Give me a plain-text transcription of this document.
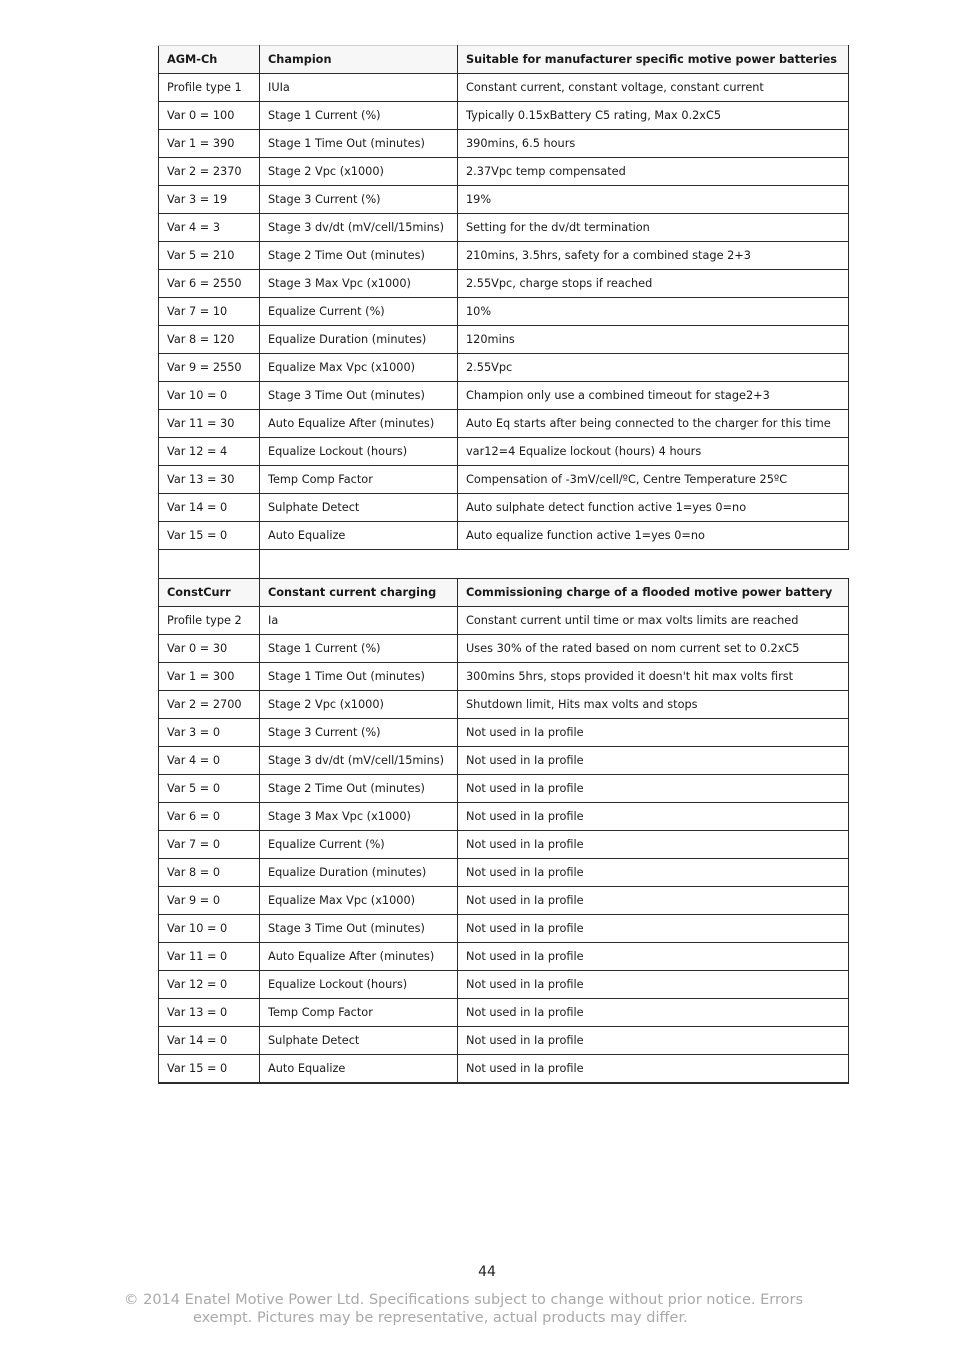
AGM-Ch	Champion	Suitable for manufacturer specific motive power batteries
Profile type 1	IUIa	Constant current, constant voltage, constant current
Var 0 = 100	Stage 1 Current (%)	Typically 0.15xBattery C5 rating, Max 0.2xC5
Var 1 = 390	Stage 1 Time Out (minutes)	390mins, 6.5 hours
Var 2 = 2370	Stage 2 Vpc (x1000)	2.37Vpc temp compensated
Var 3 = 19	Stage 3 Current (%)	19%
Var 4 = 3	Stage 3 dv/dt (mV/cell/15mins)	Setting for the dv/dt termination
Var 5 = 210	Stage 2 Time Out (minutes)	210mins, 3.5hrs, safety for a combined stage 2+3
Var 6 = 2550	Stage 3 Max Vpc (x1000)	2.55Vpc, charge stops if reached
Var 7 = 10	Equalize Current (%)	10%
Var 8 = 120	Equalize Duration (minutes)	120mins
Var 9 = 2550	Equalize Max Vpc (x1000)	2.55Vpc
Var 10 = 0	Stage 3 Time Out (minutes)	Champion only use a combined timeout for stage2+3
Var 11 = 30	Auto Equalize After (minutes)	Auto Eq starts after being connected to the charger for this time
Var 12 = 4	Equalize Lockout (hours)	var12=4 Equalize lockout (hours) 4 hours
Var 13 = 30	Temp Comp Factor	Compensation of -3mV/cell/ºC, Centre Temperature 25ºC
Var 14 = 0	Sulphate Detect	Auto sulphate detect function active 1=yes 0=no
Var 15 = 0	Auto Equalize	Auto equalize function active 1=yes 0=no
ConstCurr	Constant current charging	Commissioning charge of a flooded motive power battery
Profile type 2	Ia	Constant current until time or max volts limits are reached
Var 0 = 30	Stage 1 Current (%)	Uses 30% of the rated based on nom current set to 0.2xC5
Var 1 = 300	Stage 1 Time Out (minutes)	300mins 5hrs, stops provided it doesn't hit max volts first
Var 2 = 2700	Stage 2 Vpc (x1000)	Shutdown limit, Hits max volts and stops
Var 3 = 0	Stage 3 Current (%)	Not used in Ia profile
Var 4 = 0	Stage 3 dv/dt (mV/cell/15mins)	Not used in Ia profile
Var 5 = 0	Stage 2 Time Out (minutes)	Not used in Ia profile
Var 6 = 0	Stage 3 Max Vpc (x1000)	Not used in Ia profile
Var 7 = 0	Equalize Current (%)	Not used in Ia profile
Var 8 = 0	Equalize Duration (minutes)	Not used in Ia profile
Var 9 = 0	Equalize Max Vpc (x1000)	Not used in Ia profile
Var 10 = 0	Stage 3 Time Out (minutes)	Not used in Ia profile
Var 11 = 0	Auto Equalize After (minutes)	Not used in Ia profile
Var 12 = 0	Equalize Lockout (hours)	Not used in Ia profile
Var 13 = 0	Temp Comp Factor	Not used in Ia profile
Var 14 = 0	Sulphate Detect	Not used in Ia profile
Var 15 = 0	Auto Equalize	Not used in Ia profile
44
© 2014 Enatel Motive Power Ltd. Specifications subject to change without prior notice. Errors
exempt. Pictures may be representative, actual products may differ.
